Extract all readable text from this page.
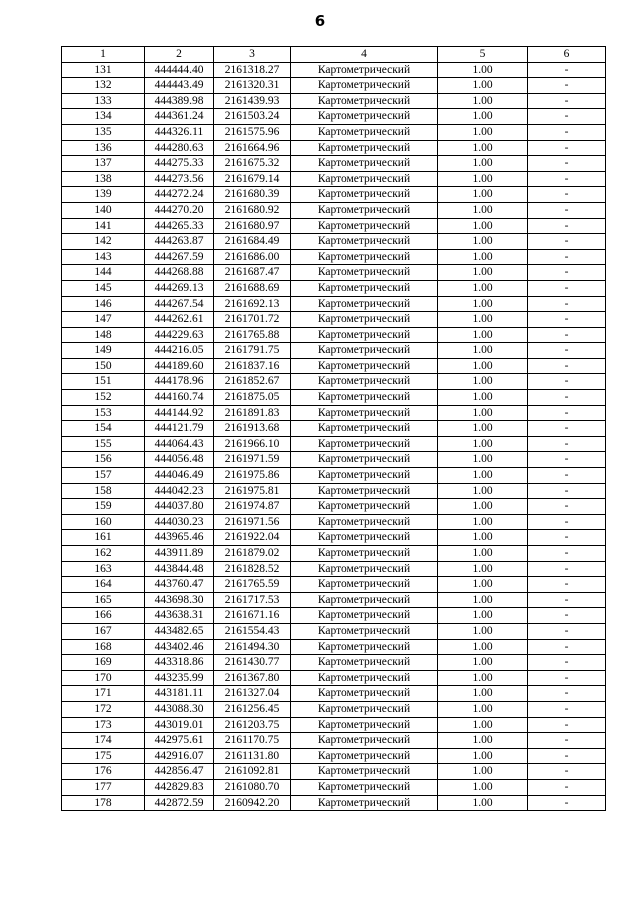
6
1	2	3	4	5	6
131	444444.40	2161318.27	Картометрический	1.00	-
132	444443.49	2161320.31	Картометрический	1.00	-
133	444389.98	2161439.93	Картометрический	1.00	-
134	444361.24	2161503.24	Картометрический	1.00	-
135	444326.11	2161575.96	Картометрический	1.00	-
136	444280.63	2161664.96	Картометрический	1.00	-
137	444275.33	2161675.32	Картометрический	1.00	-
138	444273.56	2161679.14	Картометрический	1.00	-
139	444272.24	2161680.39	Картометрический	1.00	-
140	444270.20	2161680.92	Картометрический	1.00	-
141	444265.33	2161680.97	Картометрический	1.00	-
142	444263.87	2161684.49	Картометрический	1.00	-
143	444267.59	2161686.00	Картометрический	1.00	-
144	444268.88	2161687.47	Картометрический	1.00	-
145	444269.13	2161688.69	Картометрический	1.00	-
146	444267.54	2161692.13	Картометрический	1.00	-
147	444262.61	2161701.72	Картометрический	1.00	-
148	444229.63	2161765.88	Картометрический	1.00	-
149	444216.05	2161791.75	Картометрический	1.00	-
150	444189.60	2161837.16	Картометрический	1.00	-
151	444178.96	2161852.67	Картометрический	1.00	-
152	444160.74	2161875.05	Картометрический	1.00	-
153	444144.92	2161891.83	Картометрический	1.00	-
154	444121.79	2161913.68	Картометрический	1.00	-
155	444064.43	2161966.10	Картометрический	1.00	-
156	444056.48	2161971.59	Картометрический	1.00	-
157	444046.49	2161975.86	Картометрический	1.00	-
158	444042.23	2161975.81	Картометрический	1.00	-
159	444037.80	2161974.87	Картометрический	1.00	-
160	444030.23	2161971.56	Картометрический	1.00	-
161	443965.46	2161922.04	Картометрический	1.00	-
162	443911.89	2161879.02	Картометрический	1.00	-
163	443844.48	2161828.52	Картометрический	1.00	-
164	443760.47	2161765.59	Картометрический	1.00	-
165	443698.30	2161717.53	Картометрический	1.00	-
166	443638.31	2161671.16	Картометрический	1.00	-
167	443482.65	2161554.43	Картометрический	1.00	-
168	443402.46	2161494.30	Картометрический	1.00	-
169	443318.86	2161430.77	Картометрический	1.00	-
170	443235.99	2161367.80	Картометрический	1.00	-
171	443181.11	2161327.04	Картометрический	1.00	-
172	443088.30	2161256.45	Картометрический	1.00	-
173	443019.01	2161203.75	Картометрический	1.00	-
174	442975.61	2161170.75	Картометрический	1.00	-
175	442916.07	2161131.80	Картометрический	1.00	-
176	442856.47	2161092.81	Картометрический	1.00	-
177	442829.83	2161080.70	Картометрический	1.00	-
178	442872.59	2160942.20	Картометрический	1.00	-
